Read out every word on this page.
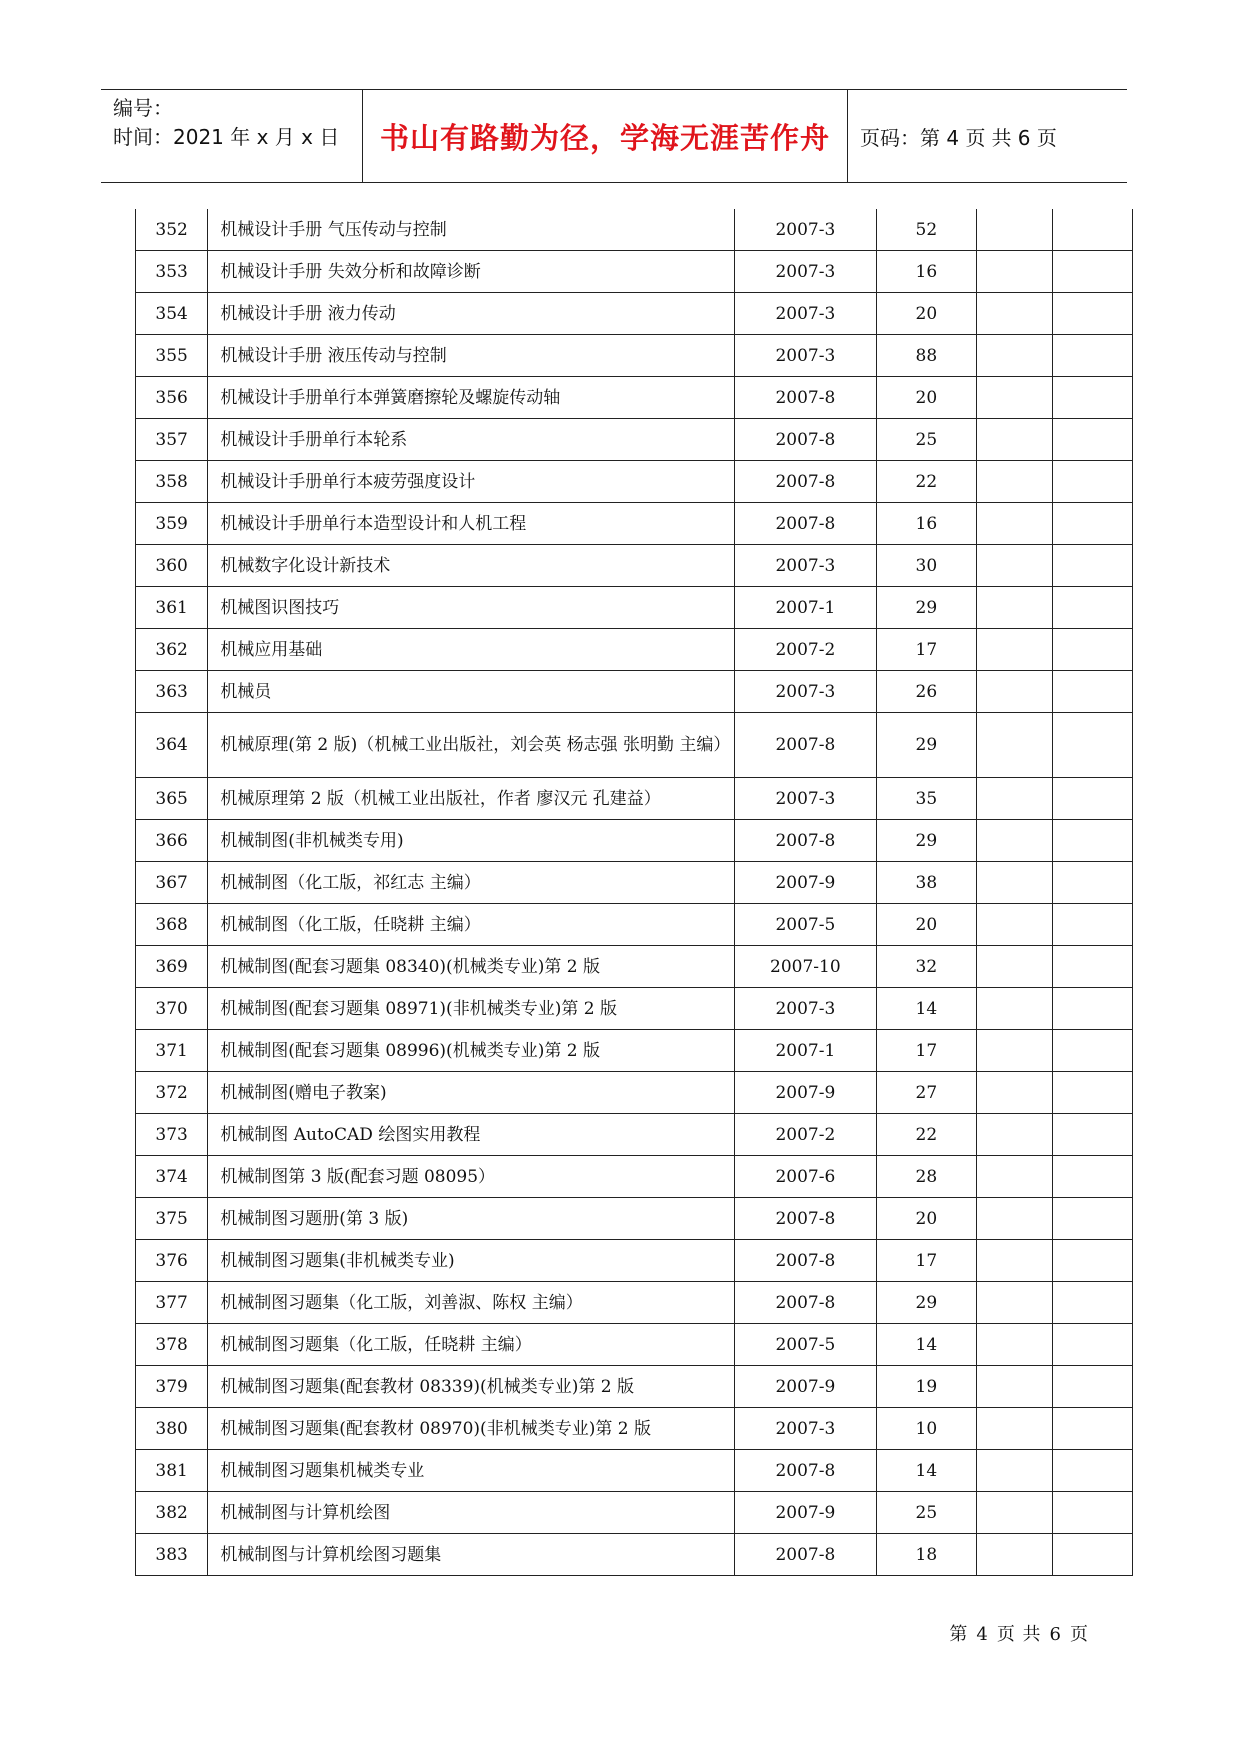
编号：
时间：2021 年 x 月 x 日	书山有路勤为径，学海无涯苦作舟	页码：第 4 页 共 6 页
352	机械设计手册 气压传动与控制	2007-3	52		
353	机械设计手册 失效分析和故障诊断	2007-3	16		
354	机械设计手册 液力传动	2007-3	20		
355	机械设计手册 液压传动与控制	2007-3	88		
356	机械设计手册单行本弹簧磨擦轮及螺旋传动轴	2007-8	20		
357	机械设计手册单行本轮系	2007-8	25		
358	机械设计手册单行本疲劳强度设计	2007-8	22		
359	机械设计手册单行本造型设计和人机工程	2007-8	16		
360	机械数字化设计新技术	2007-3	30		
361	机械图识图技巧	2007-1	29		
362	机械应用基础	2007-2	17		
363	机械员	2007-3	26		
364	机械原理(第 2 版)（机械工业出版社，刘会英 杨志强 张明勤 主编）	2007-8	29		
365	机械原理第 2 版（机械工业出版社，作者 廖汉元 孔建益）	2007-3	35		
366	机械制图(非机械类专用)	2007-8	29		
367	机械制图（化工版，祁红志 主编）	2007-9	38		
368	机械制图（化工版，任晓耕 主编）	2007-5	20		
369	机械制图(配套习题集 08340)(机械类专业)第 2 版	2007-10	32		
370	机械制图(配套习题集 08971)(非机械类专业)第 2 版	2007-3	14		
371	机械制图(配套习题集 08996)(机械类专业)第 2 版	2007-1	17		
372	机械制图(赠电子教案)	2007-9	27		
373	机械制图 AutoCAD 绘图实用教程	2007-2	22		
374	机械制图第 3 版(配套习题 08095）	2007-6	28		
375	机械制图习题册(第 3 版)	2007-8	20		
376	机械制图习题集(非机械类专业)	2007-8	17		
377	机械制图习题集（化工版，刘善淑、陈权 主编）	2007-8	29		
378	机械制图习题集（化工版，任晓耕 主编）	2007-5	14		
379	机械制图习题集(配套教材 08339)(机械类专业)第 2 版	2007-9	19		
380	机械制图习题集(配套教材 08970)(非机械类专业)第 2 版	2007-3	10		
381	机械制图习题集机械类专业	2007-8	14		
382	机械制图与计算机绘图	2007-9	25		
383	机械制图与计算机绘图习题集	2007-8	18		
第 4 页 共 6 页
